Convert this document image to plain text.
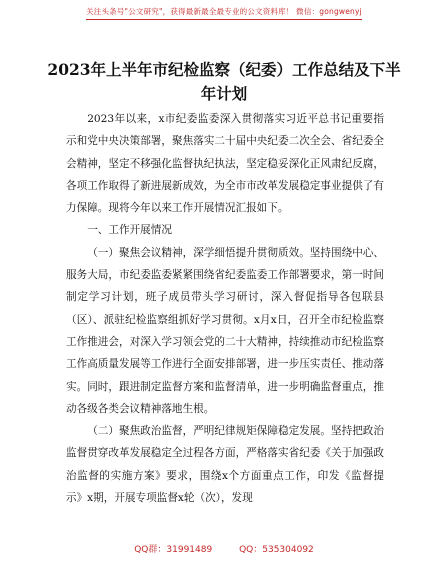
关注头条号"公文研究"，获得最新最全最专业的公文资料库！ 微信：gongwenyj
2023年上半年市纪检监察（纪委）工作总结及下半年计划

2023年以来，x市纪委监委深入贯彻落实习近平总书记重要指示和党中央决策部署，聚焦落实二十届中央纪委二次全会、省纪委全会精神，坚定不移强化监督执纪执法，坚定稳妥深化正风肃纪反腐，各项工作取得了新进展新成效，为全市市改革发展稳定事业提供了有力保障。现将今年以来工作开展情况汇报如下。

一、工作开展情况

（一）聚焦会议精神，深学细悟提升贯彻质效。坚持围绕中心、服务大局，市纪委监委紧紧围绕省纪委监委工作部署要求，第一时间制定学习计划，班子成员带头学习研讨，深入督促指导各包联县（区）、派驻纪检监察组抓好学习贯彻。x月x日，召开全市纪检监察工作推进会，对深入学习领会党的二十大精神，持续推动市纪检监察工作高质量发展等工作进行全面安排部署，进一步压实责任、推动落实。同时，跟进制定监督方案和监督清单，进一步明确监督重点，推动各级各类会议精神落地生根。

（二）聚焦政治监督，严明纪律规矩保障稳定发展。坚持把政治监督贯穿改革发展稳定全过程各方面，严格落实省纪委《关于加强政治监督的实施方案》要求，围绕x个方面重点工作，印发《监督提示》x期，开展专项监督x轮（次），发现

QQ群：31991489	QQ：535304092
